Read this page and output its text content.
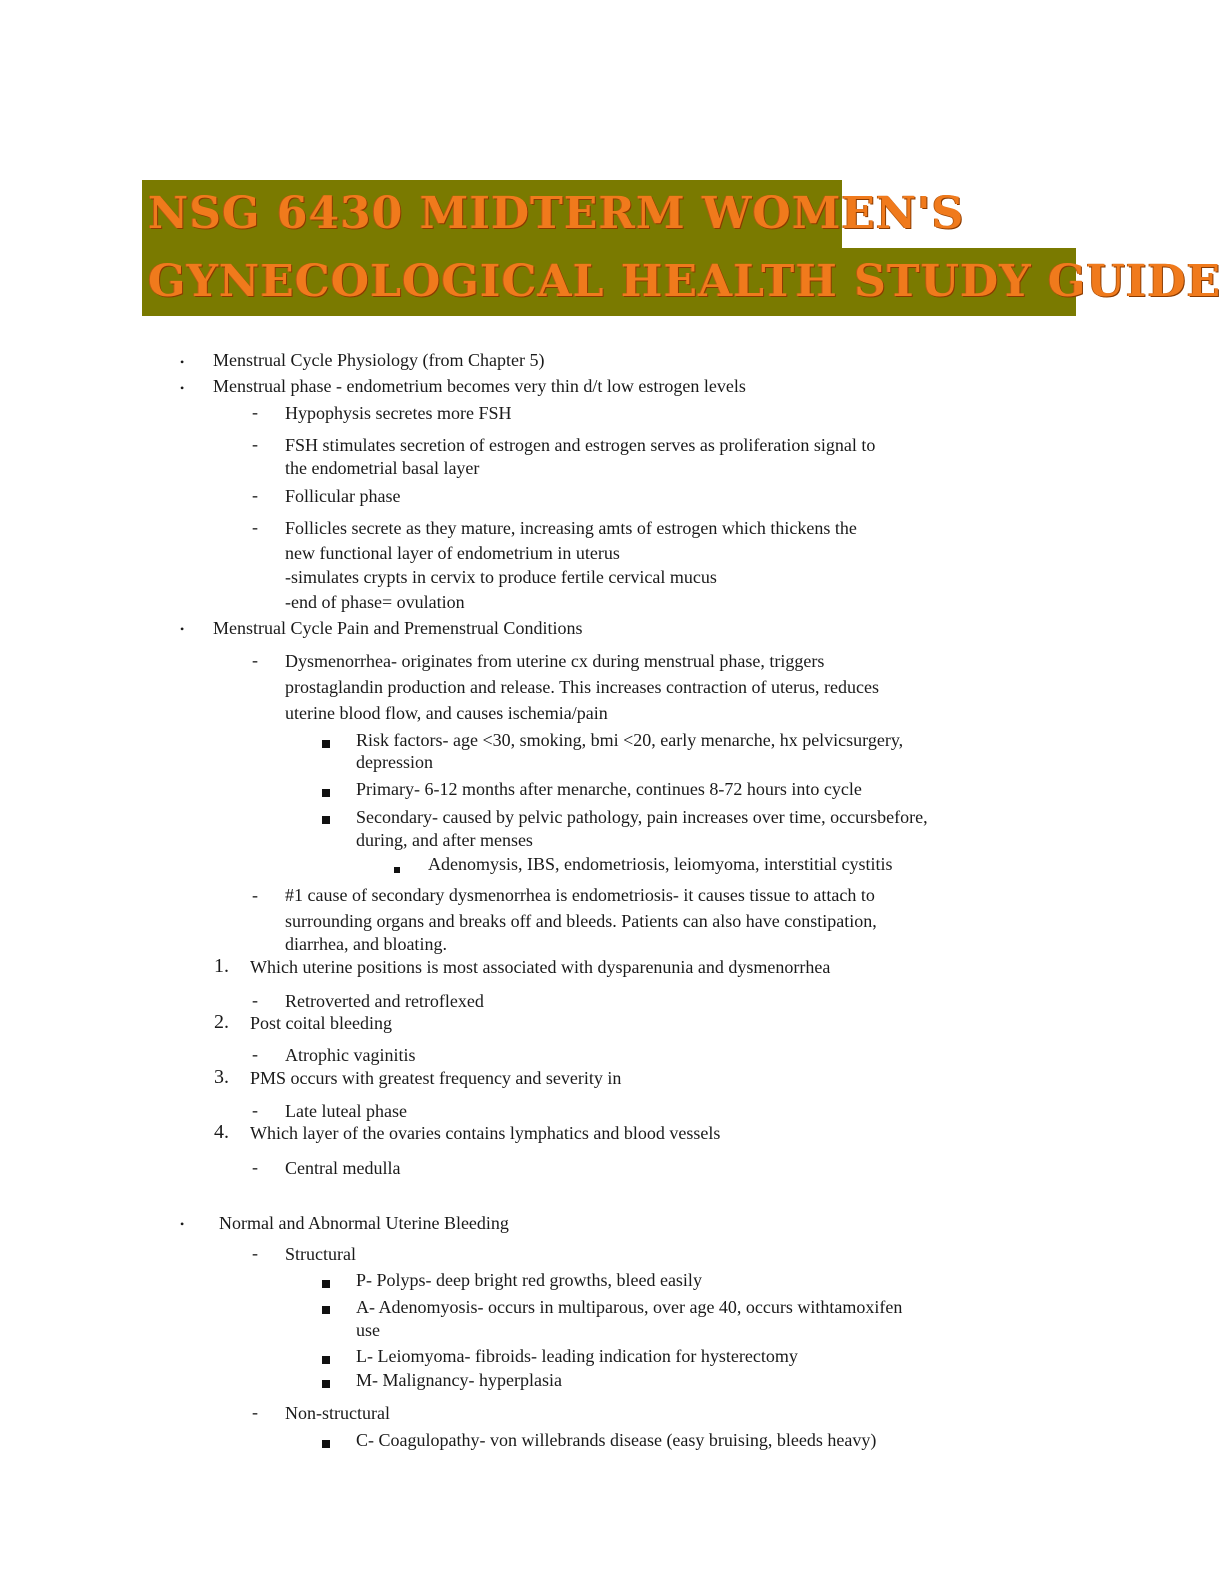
NSG 6430 MIDTERM WOMEN'S
GYNECOLOGICAL HEALTH STUDY GUIDE
• Menstrual Cycle Physiology (from Chapter 5)
• Menstrual phase - endometrium becomes very thin d/t low estrogen levels
- Hypophysis secretes more FSH
- FSH stimulates secretion of estrogen and estrogen serves as proliferation signal to
the endometrial basal layer
- Follicular phase
- Follicles secrete as they mature, increasing amts of estrogen which thickens the
new functional layer of endometrium in uterus
-simulates crypts in cervix to produce fertile cervical mucus
-end of phase= ovulation
• Menstrual Cycle Pain and Premenstrual Conditions
- Dysmenorrhea- originates from uterine cx during menstrual phase, triggers
prostaglandin production and release. This increases contraction of uterus, reduces
uterine blood flow, and causes ischemia/pain
Risk factors- age <30, smoking, bmi <20, early menarche, hx pelvicsurgery,
depression
Primary- 6-12 months after menarche, continues 8-72 hours into cycle
Secondary- caused by pelvic pathology, pain increases over time, occursbefore,
during, and after menses
Adenomysis, IBS, endometriosis, leiomyoma, interstitial cystitis
- #1 cause of secondary dysmenorrhea is endometriosis- it causes tissue to attach to
surrounding organs and breaks off and bleeds. Patients can also have constipation,
diarrhea, and bloating.
1. Which uterine positions is most associated with dysparenunia and dysmenorrhea
- Retroverted and retroflexed
2. Post coital bleeding
- Atrophic vaginitis
3. PMS occurs with greatest frequency and severity in
- Late luteal phase
4. Which layer of the ovaries contains lymphatics and blood vessels
- Central medulla
• Normal and Abnormal Uterine Bleeding
- Structural
P- Polyps- deep bright red growths, bleed easily
A- Adenomyosis- occurs in multiparous, over age 40, occurs withtamoxifen
use
L- Leiomyoma- fibroids- leading indication for hysterectomy
M- Malignancy- hyperplasia
- Non-structural
C- Coagulopathy- von willebrands disease (easy bruising, bleeds heavy)
